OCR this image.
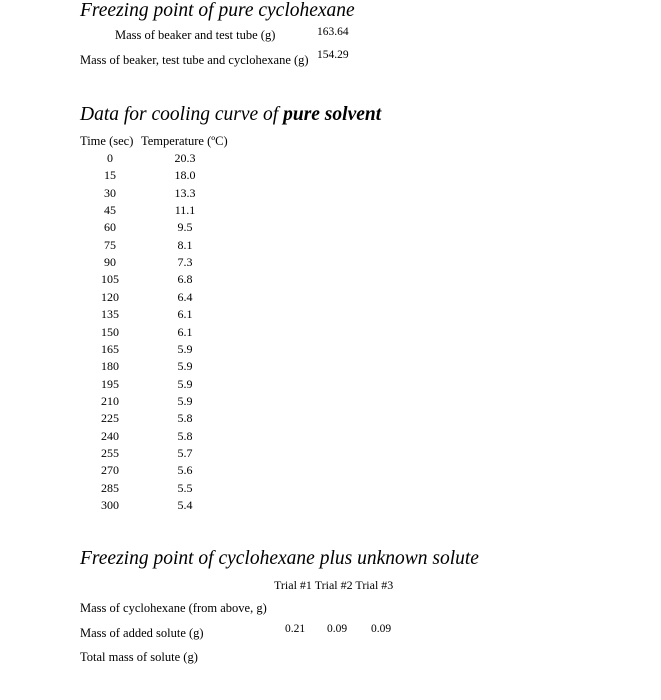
Freezing point of pure cyclohexane
Mass of beaker and test tube (g)	163.64
Mass of beaker, test tube and cyclohexane (g) 154.29
Data for cooling curve of pure solvent
Time (sec) Temperature (ºC)
0	20.3
15	18.0
30	13.3
45	11.1
60	9.5
75	8.1
90	7.3
105	6.8
120	6.4
135	6.1
150	6.1
165	5.9
180	5.9
195	5.9
210	5.9
225	5.8
240	5.8
255	5.7
270	5.6
285	5.5
300	5.4
Freezing point of cyclohexane plus unknown solute
Trial #1 Trial #2 Trial #3
Mass of cyclohexane (from above, g)
Mass of added solute (g)	0.21 0.09 0.09
Total mass of solute (g)
